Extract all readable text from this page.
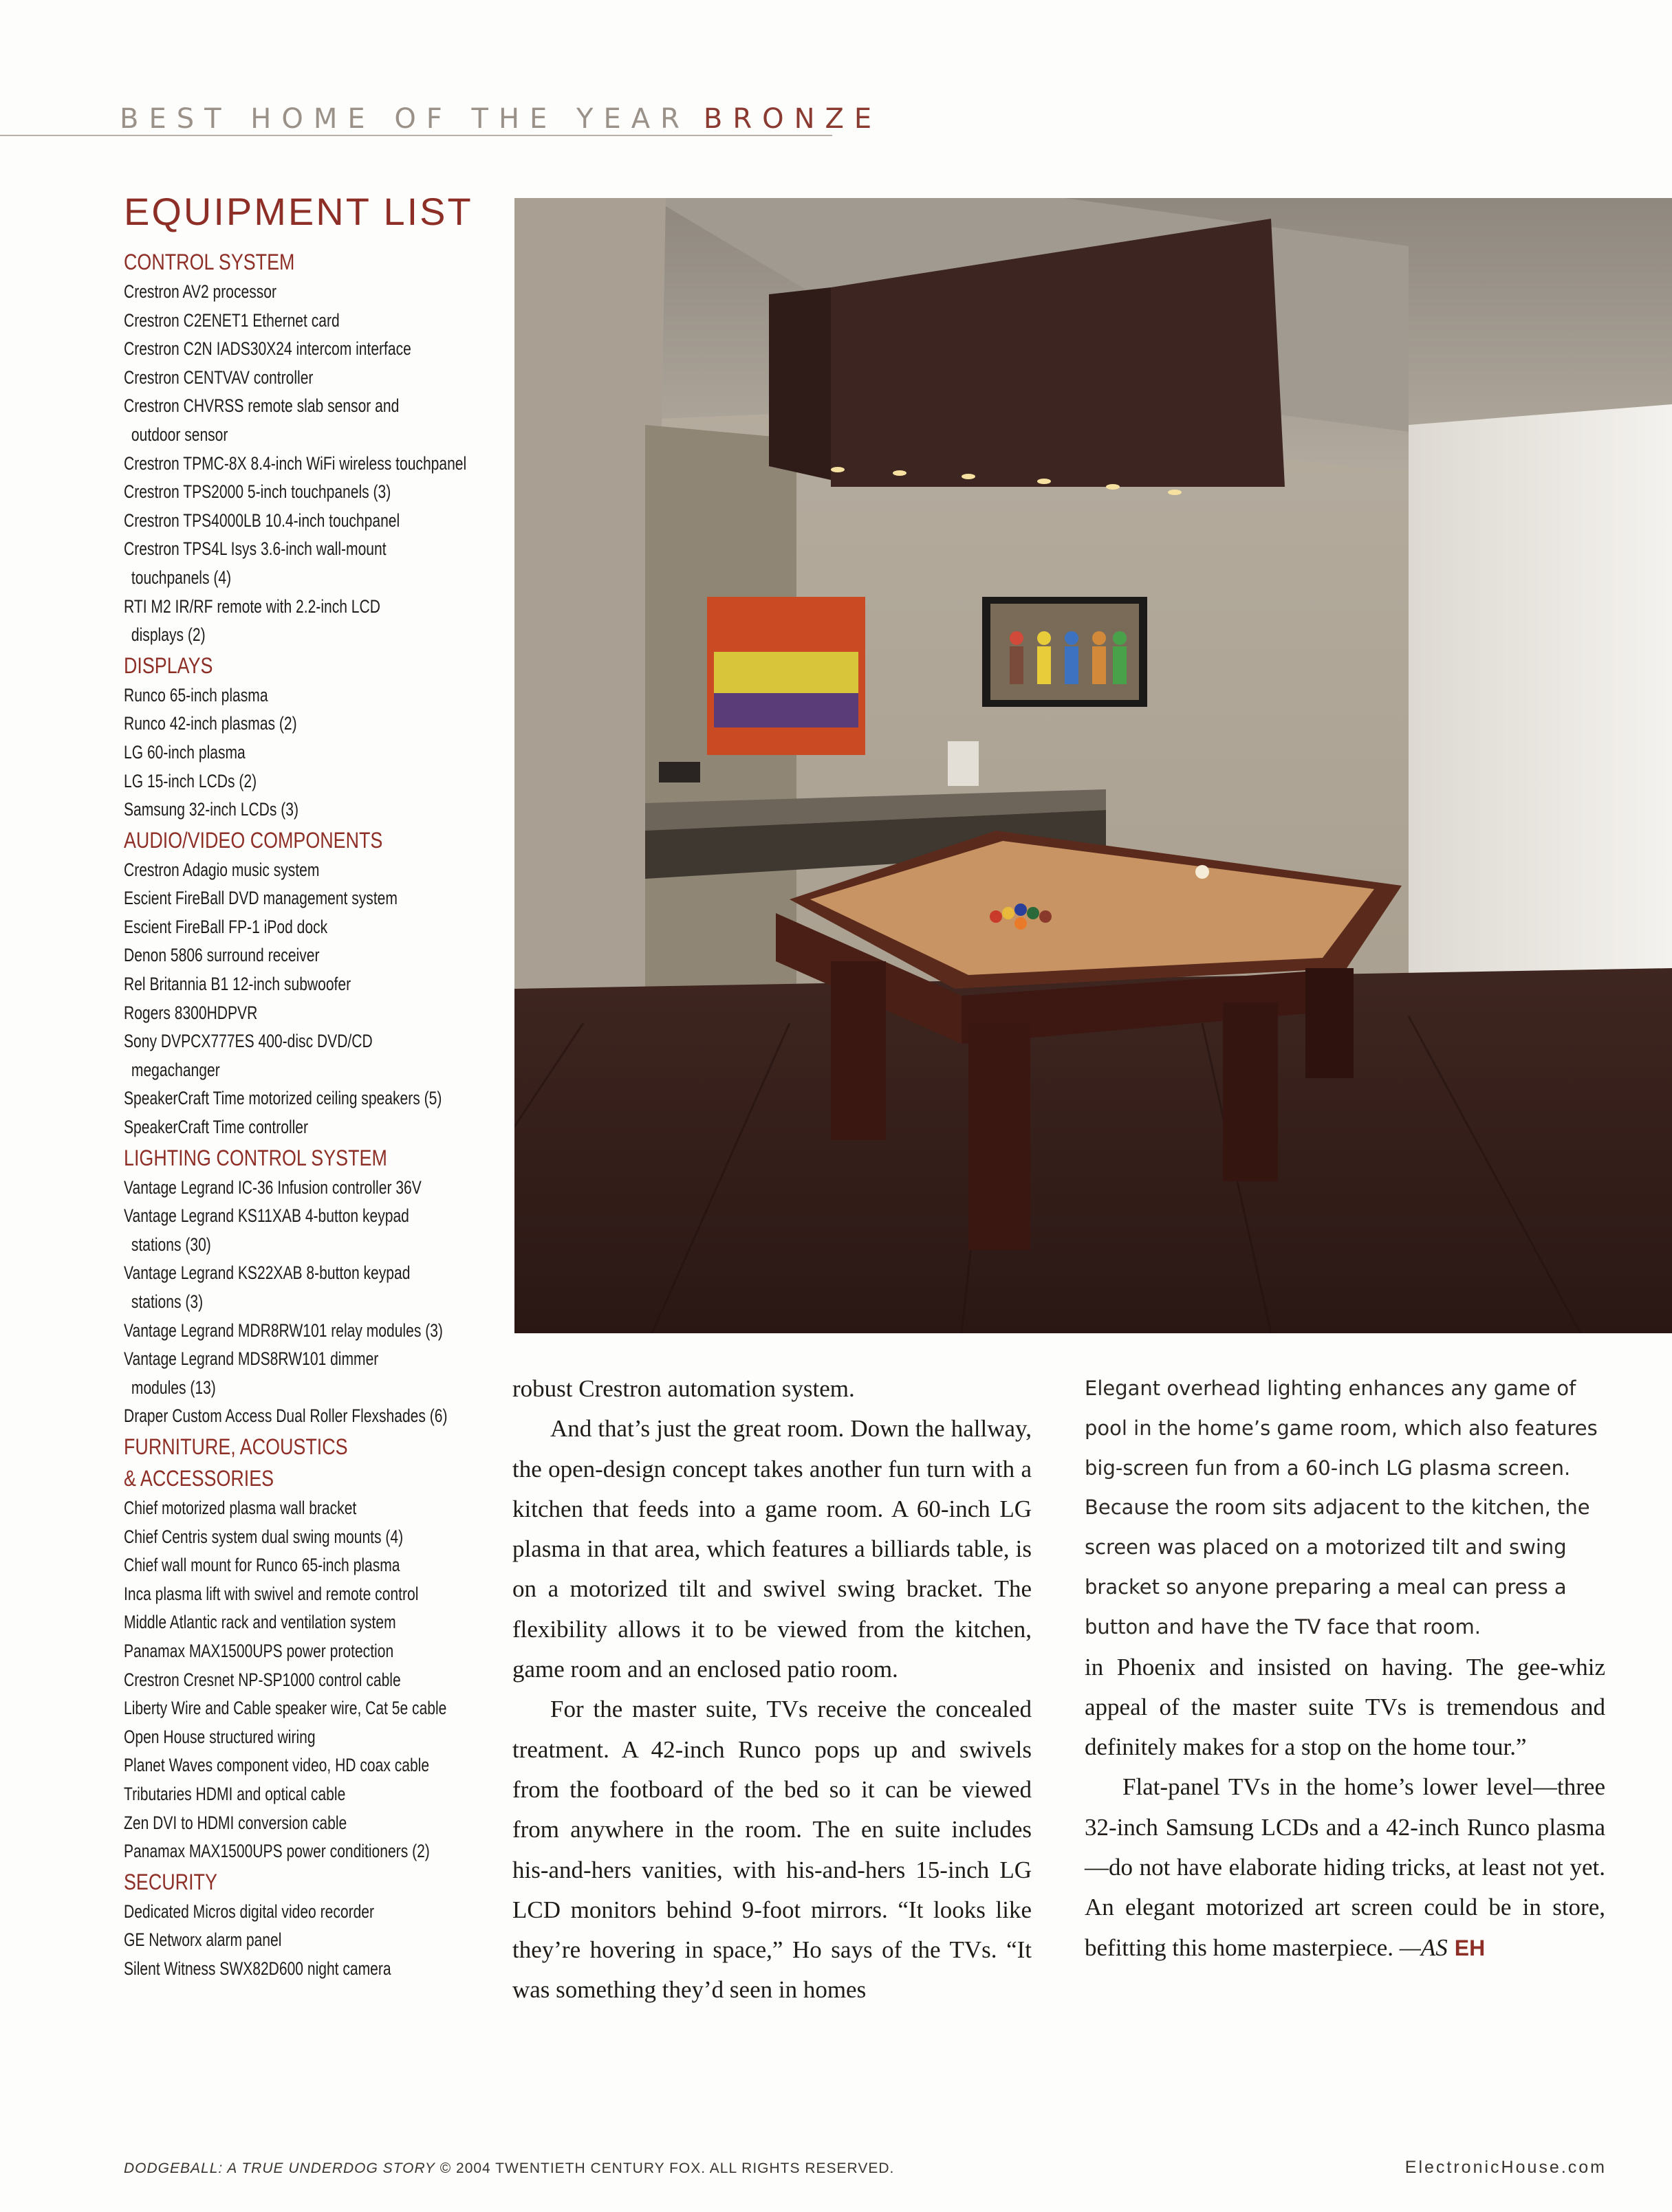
BEST HOME OF THE YEAR BRONZE
EQUIPMENT LIST
CONTROL SYSTEM
Crestron AV2 processor
Crestron C2ENET1 Ethernet card
Crestron C2N IADS30X24 intercom interface
Crestron CENTVAV controller
Crestron CHVRSS remote slab sensor and
outdoor sensor
Crestron TPMC-8X 8.4-inch WiFi wireless touchpanel
Crestron TPS2000 5-inch touchpanels (3)
Crestron TPS4000LB 10.4-inch touchpanel
Crestron TPS4L Isys 3.6-inch wall-mount
touchpanels (4)
RTI M2 IR/RF remote with 2.2-inch LCD
displays (2)
DISPLAYS
Runco 65-inch plasma
Runco 42-inch plasmas (2)
LG 60-inch plasma
LG 15-inch LCDs (2)
Samsung 32-inch LCDs (3)
AUDIO/VIDEO COMPONENTS
Crestron Adagio music system
Escient FireBall DVD management system
Escient FireBall FP-1 iPod dock
Denon 5806 surround receiver
Rel Britannia B1 12-inch subwoofer
Rogers 8300HDPVR
Sony DVPCX777ES 400-disc DVD/CD
megachanger
SpeakerCraft Time motorized ceiling speakers (5)
SpeakerCraft Time controller
LIGHTING CONTROL SYSTEM
Vantage Legrand IC-36 Infusion controller 36V
Vantage Legrand KS11XAB 4-button keypad
stations (30)
Vantage Legrand KS22XAB 8-button keypad
stations (3)
Vantage Legrand MDR8RW101 relay modules (3)
Vantage Legrand MDS8RW101 dimmer
modules (13)
Draper Custom Access Dual Roller Flexshades (6)
FURNITURE, ACOUSTICS
& ACCESSORIES
Chief motorized plasma wall bracket
Chief Centris system dual swing mounts (4)
Chief wall mount for Runco 65-inch plasma
Inca plasma lift with swivel and remote control
Middle Atlantic rack and ventilation system
Panamax MAX1500UPS power protection
Crestron Cresnet NP-SP1000 control cable
Liberty Wire and Cable speaker wire, Cat 5e cable
Open House structured wiring
Planet Waves component video, HD coax cable
Tributaries HDMI and optical cable
Zen DVI to HDMI conversion cable
Panamax MAX1500UPS power conditioners (2)
SECURITY
Dedicated Micros digital video recorder
GE Networx alarm panel
Silent Witness SWX82D600 night camera

robust Crestron automation system.

And that’s just the great room. Down the hallway, the open-design concept takes another fun turn with a kitchen that feeds into a game room. A 60-inch LG plasma in that area, which features a billiards table, is on a motorized tilt and swivel swing bracket. The flexibility allows it to be viewed from the kitchen, game room and an enclosed patio room.

For the master suite, TVs receive the concealed treatment. A 42-inch Runco pops up and swivels from the footboard of the bed so it can be viewed from anywhere in the room. The en suite includes his-and-hers vanities, with his-and-hers 15-inch LG LCD monitors behind 9-foot mirrors. “It looks like they’re hovering in space,” Ho says of the TVs. “It was something they’d seen in homes

Elegant overhead lighting enhances any game of pool in the home’s game room, which also features big-screen fun from a 60-inch LG plasma screen. Because the room sits adjacent to the kitchen, the screen was placed on a motorized tilt and swing bracket so anyone preparing a meal can press a button and have the TV face that room.

in Phoenix and insisted on having. The gee-whiz appeal of the master suite TVs is tremendous and definitely makes for a stop on the home tour.”

Flat-panel TVs in the home’s lower level—three 32-inch Samsung LCDs and a 42-inch Runco plasma—do not have elaborate hiding tricks, at least not yet. An elegant motorized art screen could be in store, befitting this home masterpiece. —AS EH

DODGEBALL: A TRUE UNDERDOG STORY © 2004 TWENTIETH CENTURY FOX. ALL RIGHTS RESERVED.	ElectronicHouse.com
